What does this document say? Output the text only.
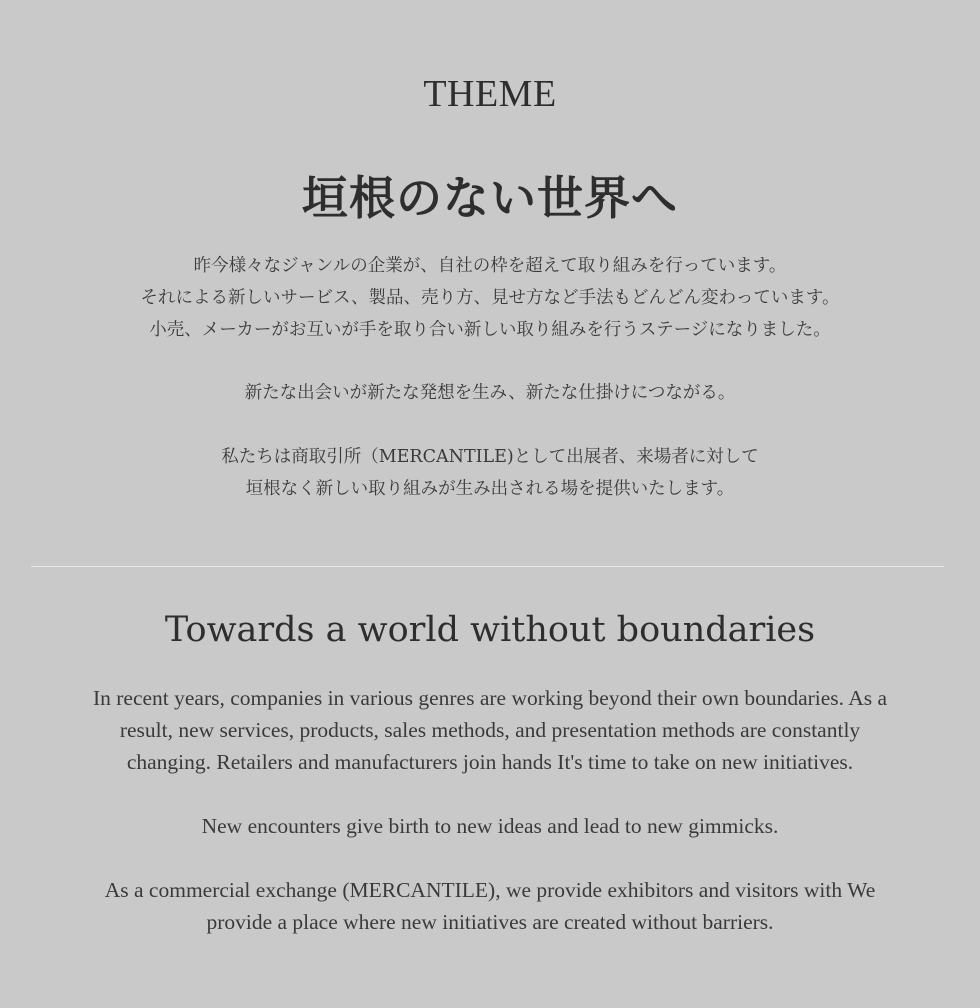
THEME
垣根のない世界へ
昨今様々なジャンルの企業が、自社の枠を超えて取り組みを行っています。
それによる新しいサービス、製品、売り方、見せ方など手法もどんどん変わっています。
小売、メーカーがお互いが手を取り合い新しい取り組みを行うステージになりました。
新たな出会いが新たな発想を生み、新たな仕掛けにつながる。
私たちは商取引所（MERCANTILE)として出展者、来場者に対して
垣根なく新しい取り組みが生み出される場を提供いたします。
Towards a world without boundaries
In recent years, companies in various genres are working beyond their own boundaries. As a
result, new services, products, sales methods, and presentation methods are constantly
changing. Retailers and manufacturers join hands It's time to take on new initiatives.
New encounters give birth to new ideas and lead to new gimmicks.
As a commercial exchange (MERCANTILE), we provide exhibitors and visitors with We
provide a place where new initiatives are created without barriers.
